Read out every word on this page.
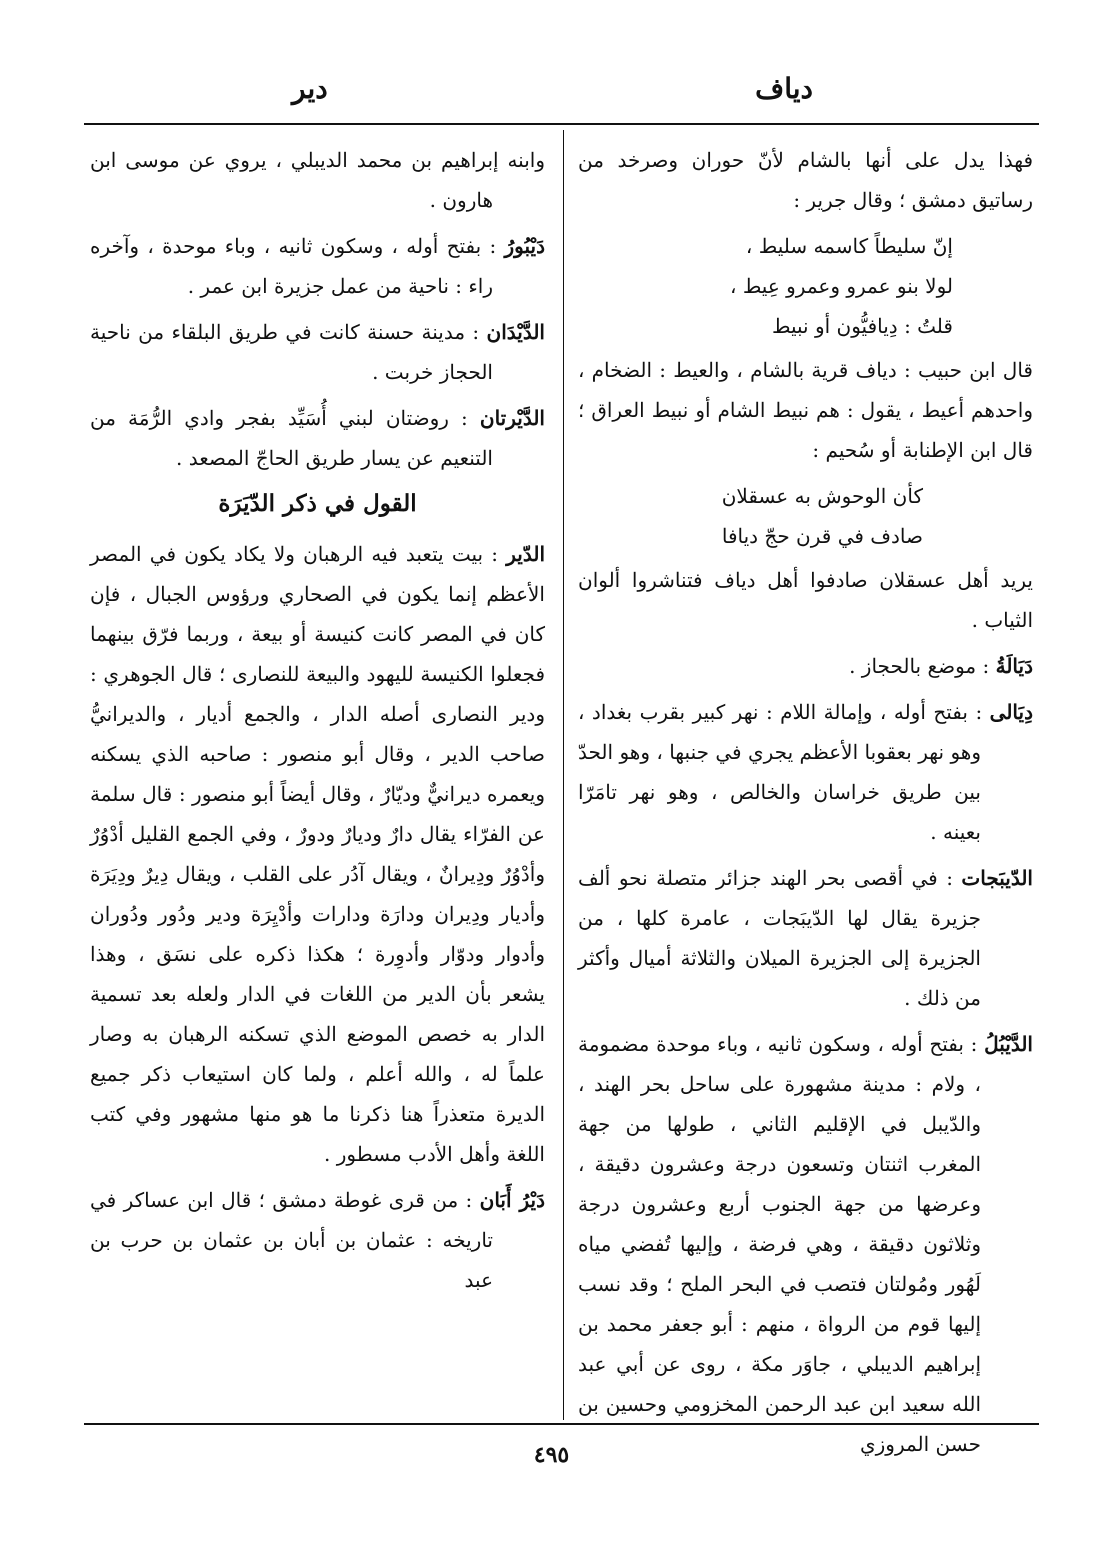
دياف
دير

فهذا يدل على أنها بالشام لأنّ حوران وصرخد من رساتيق دمشق ؛ وقال جرير :

إنّ سليطاً كاسمه سليط ،
لولا بنو عمرو وعمرو عِيط ،
قلتُ : دِيافيُّون أو نبيط

قال ابن حبيب : دياف قرية بالشام ، والعيط : الضخام ، واحدهم أعيط ، يقول : هم نبيط الشام أو نبيط العراق ؛ قال ابن الإطنابة أو سُحيم :

كأن الوحوش به عسقلان
صادف في قرن حجّ ديافا

يريد أهل عسقلان صادفوا أهل دياف فتناشروا ألوان الثياب .

دَيَالَةُ : موضع بالحجاز .

دِيَالى : بفتح أوله ، وإمالة اللام : نهر كبير بقرب بغداد ، وهو نهر بعقوبا الأعظم يجري في جنبها ، وهو الحدّ بين طريق خراسان والخالص ، وهو نهر تامَرّا بعينه .

الدّيبَجات : في أقصى بحر الهند جزائر متصلة نحو ألف جزيرة يقال لها الدّيبَجات ، عامرة كلها ، من الجزيرة إلى الجزيرة الميلان والثلاثة أميال وأكثر من ذلك .

الدَّيْبُلُ : بفتح أوله ، وسكون ثانيه ، وباء موحدة مضمومة ، ولام : مدينة مشهورة على ساحل بحر الهند ، والدّيبل في الإقليم الثاني ، طولها من جهة المغرب اثنتان وتسعون درجة وعشرون دقيقة ، وعرضها من جهة الجنوب أربع وعشرون درجة وثلاثون دقيقة ، وهي فرضة ، وإليها تُفضي مياه لَهُور ومُولتان فتصب في البحر الملح ؛ وقد نسب إليها قوم من الرواة ، منهم : أبو جعفر محمد بن إبراهيم الديبلي ، جاوَر مكة ، روى عن أبي عبد الله سعيد ابن عبد الرحمن المخزومي وحسين بن حسن المروزي

وابنه إبراهيم بن محمد الديبلي ، يروي عن موسى ابن هارون .

دَيْبُورُ : بفتح أوله ، وسكون ثانيه ، وباء موحدة ، وآخره راء : ناحية من عمل جزيرة ابن عمر .

الدَّيْدَان : مدينة حسنة كانت في طريق البلقاء من ناحية الحجاز خربت .

الدَّيْرتان : روضتان لبني أُسَيِّد بفجر وادي الرُّمَة من التنعيم عن يسار طريق الحاجّ المصعد .

القول في ذكر الدّيَرَة

الدّير : بيت يتعبد فيه الرهبان ولا يكاد يكون في المصر الأعظم إنما يكون في الصحاري ورؤوس الجبال ، فإن كان في المصر كانت كنيسة أو بيعة ، وربما فرّق بينهما فجعلوا الكنيسة لليهود والبيعة للنصارى ؛ قال الجوهري : ودير النصارى أصله الدار ، والجمع أديار ، والديرانيُّ صاحب الدير ، وقال أبو منصور : صاحبه الذي يسكنه ويعمره ديرانيٌّ وديّارٌ ، وقال أيضاً أبو منصور : قال سلمة عن الفرّاء يقال دارٌ وديارٌ ودورٌ ، وفي الجمع القليل أدْوُرٌ وأدْوُرٌ ودِيرانٌ ، ويقال آدُر على القلب ، ويقال دِيرٌ ودِيَرَة وأديار ودِيران ودارَة ودارات وأدْيِرَة ودير ودُور ودُوران وأدوار ودوّار وأدوِرة ؛ هكذا ذكره على نسَق ، وهذا يشعر بأن الدير من اللغات في الدار ولعله بعد تسمية الدار به خصص الموضع الذي تسكنه الرهبان به وصار علماً له ، والله أعلم ، ولما كان استيعاب ذكر جميع الديرة متعذراً هنا ذكرنا ما هو منها مشهور وفي كتب اللغة وأهل الأدب مسطور .

دَيْرُ أَبَان : من قرى غوطة دمشق ؛ قال ابن عساكر في تاريخه : عثمان بن أبان بن عثمان بن حرب بن عبد

٤٩٥
